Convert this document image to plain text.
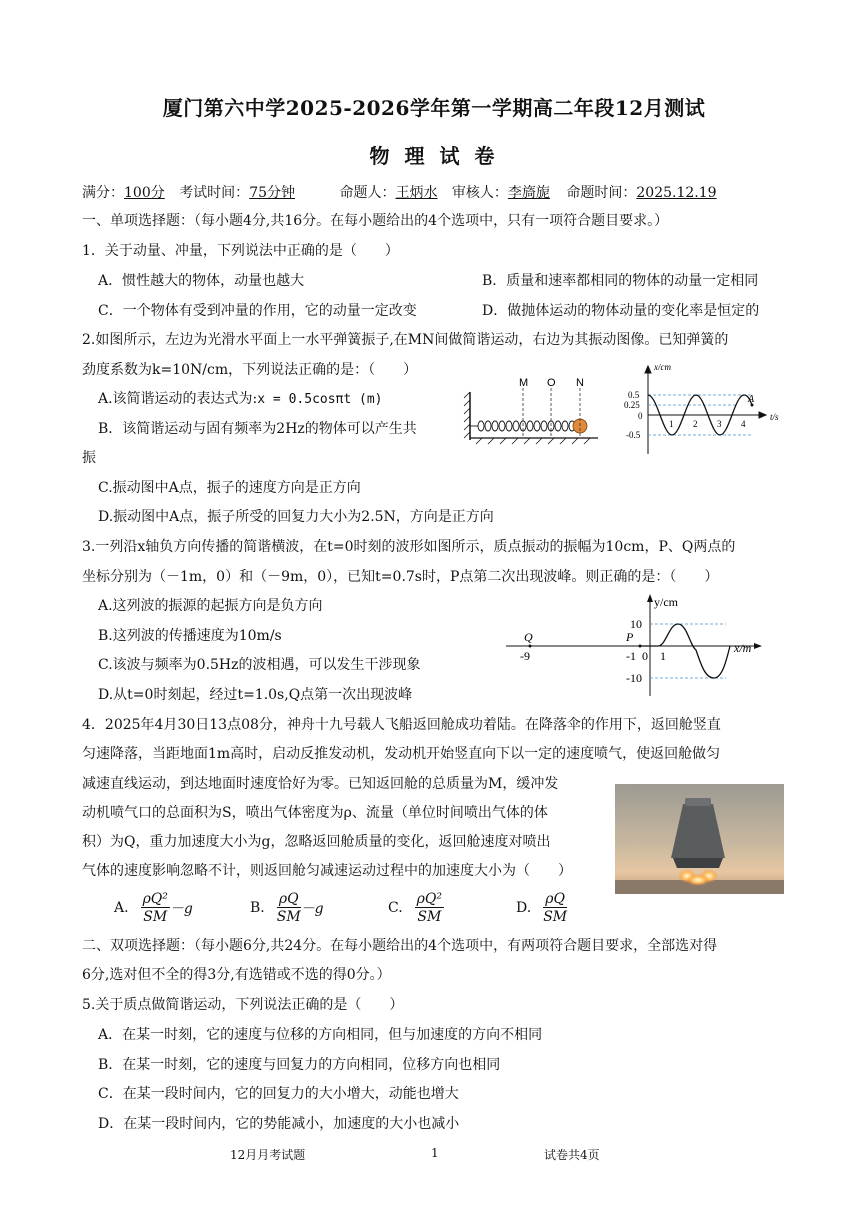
厦门第六中学2025-2026学年第一学期高二年段12月测试
物 理 试 卷
满分：100分 考试时间：75分钟	命题人：王炳水 审核人：李旖旎 命题时间：2025.12.19
一、单项选择题：（每小题4分,共16分。在每小题给出的4个选项中，只有一项符合题目要求。）
1．关于动量、冲量，下列说法中正确的是（　　）
A．惯性越大的物体，动量也越大	B．质量和速率都相同的物体的动量一定相同
C．一个物体有受到冲量的作用，它的动量一定改变	D．做抛体运动的物体动量的变化率是恒定的
2.如图所示，左边为光滑水平面上一水平弹簧振子,在MN间做简谐运动，右边为其振动图像。已知弹簧的
劲度系数为k=10N/cm，下列说法正确的是：（　　）
A.该简谐运动的表达式为:x = 0.5cosπt (m)
B．该简谐运动与固有频率为2Hz的物体可以产生共
振
C.振动图中A点，振子的速度方向是正方向
D.振动图中A点，振子所受的回复力大小为2.5N，方向是正方向
M O N
x/cm
t/s
0.5
0.25
0
-0.5
1 2 3 4
A
3.一列沿x轴负方向传播的简谐横波，在t=0时刻的波形如图所示，质点振动的振幅为10cm，P、Q两点的
坐标分别为（－1m，0）和（－9m，0），已知t=0.7s时，P点第二次出现波峰。则正确的是：（　　）
A.这列波的振源的起振方向是负方向
B.这列波的传播速度为10m/s
C.该波与频率为0.5Hz的波相遇，可以发生干涉现象
D.从t=0时刻起，经过t=1.0s,Q点第一次出现波峰
y/cm
x/m
10
-10
-9	-1 0 1
Q	P
4．2025年4月30日13点08分，神舟十九号载人飞船返回舱成功着陆。在降落伞的作用下，返回舱竖直
匀速降落，当距地面1m高时，启动反推发动机，发动机开始竖直向下以一定的速度喷气，使返回舱做匀
减速直线运动，到达地面时速度恰好为零。已知返回舱的总质量为M，缓冲发
动机喷气口的总面积为S，喷出气体密度为ρ、流量（单位时间喷出气体的体
积）为Q，重力加速度大小为g，忽略返回舱质量的变化，返回舱速度对喷出
气体的速度影响忽略不计，则返回舱匀减速运动过程中的加速度大小为（　　）
A. $\frac{\text{ρQ²}}{SM} -g$	B. $\frac{\rho Q}{SM} -g$	C. $\frac{\text{ρQ²}}{SM}$	D. $\frac{\rho Q}{SM}$
二、双项选择题：（每小题6分,共24分。在每小题给出的4个选项中，有两项符合题目要求，全部选对得
6分,选对但不全的得3分,有选错或不选的得0分。）
5.关于质点做简谐运动，下列说法正确的是（　　）
A．在某一时刻，它的速度与位移的方向相同，但与加速度的方向不相同
B．在某一时刻，它的速度与回复力的方向相同，位移方向也相同
C．在某一段时间内，它的回复力的大小增大，动能也增大
D．在某一段时间内，它的势能减小，加速度的大小也减小
12月月考试题	1	试卷共4页
